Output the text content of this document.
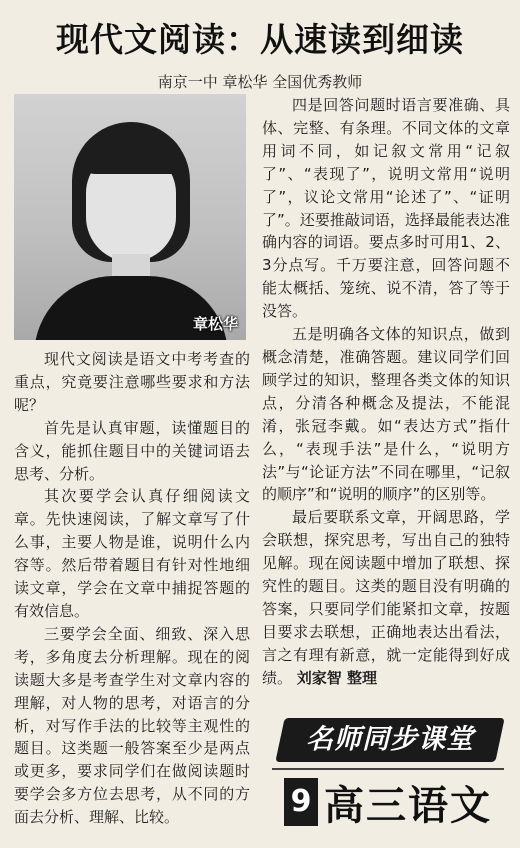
现代文阅读：从速读到细读
南京一中 章松华 全国优秀教师
章松华

现代文阅读是语文中考考查的重点，究竟要注意哪些要求和方法呢？

首先是认真审题，读懂题目的含义，能抓住题目中的关键词语去思考、分析。

其次要学会认真仔细阅读文章。先快速阅读，了解文章写了什么事，主要人物是谁，说明什么内容等。然后带着题目有针对性地细读文章，学会在文章中捕捉答题的有效信息。

三要学会全面、细致、深入思考，多角度去分析理解。现在的阅读题大多是考查学生对文章内容的理解，对人物的思考，对语言的分析，对写作手法的比较等主观性的题目。这类题一般答案至少是两点或更多，要求同学们在做阅读题时要学会多方位去思考，从不同的方面去分析、理解、比较。

四是回答问题时语言要准确、具体、完整、有条理。不同文体的文章用词不同，如记叙文常用“记叙了”、“表现了”，说明文常用“说明了”，议论文常用“论述了”、“证明了”。还要推敲词语，选择最能表达准确内容的词语。要点多时可用1、2、3分点写。千万要注意，回答问题不能太概括、笼统、说不清，答了等于没答。

五是明确各文体的知识点，做到概念清楚，准确答题。建议同学们回顾学过的知识，整理各类文体的知识点，分清各种概念及提法，不能混淆，张冠李戴。如“表达方式”指什么，“表现手法”是什么，“说明方法”与“论证方法”不同在哪里，“记叙的顺序”和“说明的顺序”的区别等。

最后要联系文章，开阔思路，学会联想，探究思考，写出自己的独特见解。现在阅读题中增加了联想、探究性的题目。这类的题目没有明确的答案，只要同学们能紧扣文章，按题目要求去联想，正确地表达出看法，言之有理有新意，就一定能得到好成绩。 刘家智 整理

名师同步课堂
9 高三语文
